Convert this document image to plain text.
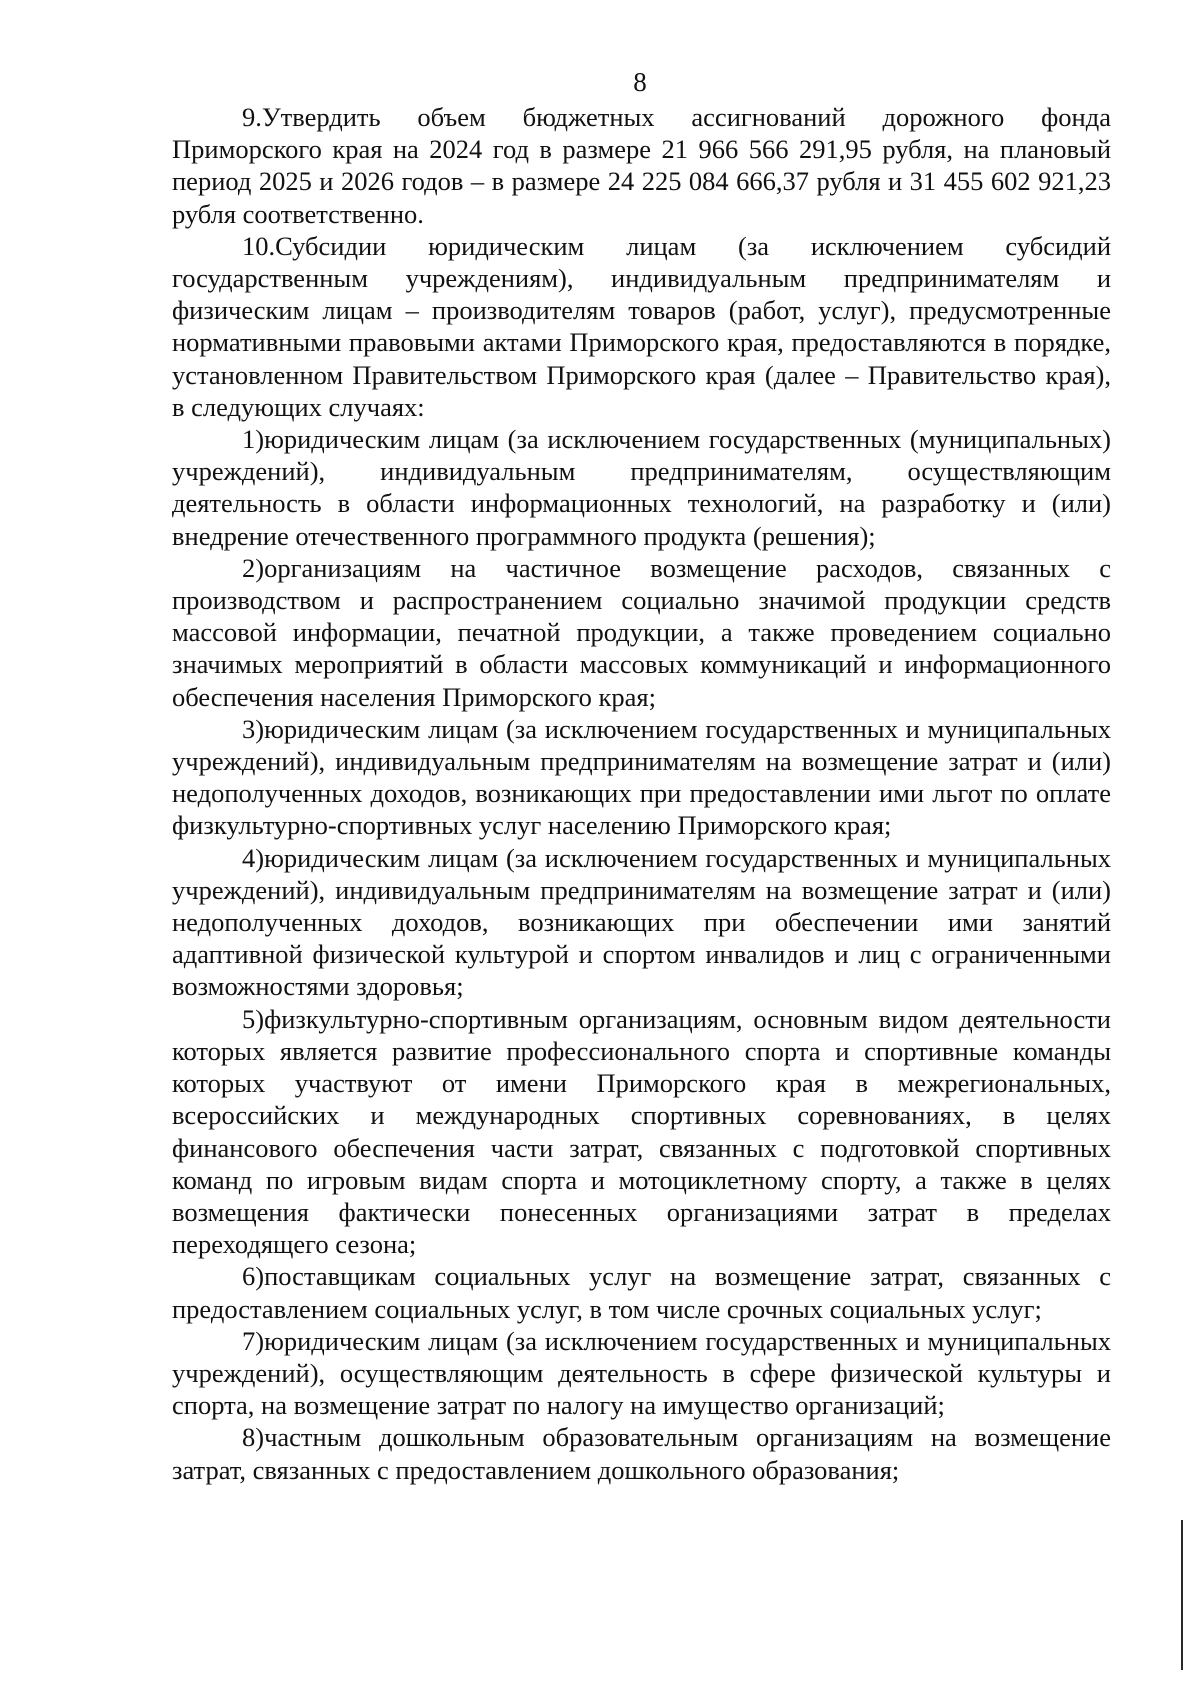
8

9.Утвердить объем бюджетных ассигнований дорожного фонда Приморского края на 2024 год в размере 21 966 566 291,95 рубля, на плановый период 2025 и 2026 годов – в размере 24 225 084 666,37 рубля и 31 455 602 921,23 рубля соответственно.

10.Субсидии юридическим лицам (за исключением субсидий государственным учреждениям), индивидуальным предпринимателям и физическим лицам – производителям товаров (работ, услуг), предусмотренные нормативными правовыми актами Приморского края, предоставляются в порядке, установленном Правительством Приморского края (далее – Правительство края), в следующих случаях:

1)юридическим лицам (за исключением государственных (муниципальных) учреждений), индивидуальным предпринимателям, осуществляющим деятельность в области информационных технологий, на разработку и (или) внедрение отечественного программного продукта (решения);

2)организациям на частичное возмещение расходов, связанных с производством и распространением социально значимой продукции средств массовой информации, печатной продукции, а также проведением социально значимых мероприятий в области массовых коммуникаций и информационного обеспечения населения Приморского края;

3)юридическим лицам (за исключением государственных и муниципальных учреждений), индивидуальным предпринимателям на возмещение затрат и (или) недополученных доходов, возникающих при предоставлении ими льгот по оплате физкультурно-спортивных услуг населению Приморского края;

4)юридическим лицам (за исключением государственных и муниципальных учреждений), индивидуальным предпринимателям на возмещение затрат и (или) недополученных доходов, возникающих при обеспечении ими занятий адаптивной физической культурой и спортом инвалидов и лиц с ограниченными возможностями здоровья;

5)физкультурно-спортивным организациям, основным видом деятельности которых является развитие профессионального спорта и спортивные команды которых участвуют от имени Приморского края в межрегиональных, всероссийских и международных спортивных соревнованиях, в целях финансового обеспечения части затрат, связанных с подготовкой спортивных команд по игровым видам спорта и мотоциклетному спорту, а также в целях возмещения фактически понесенных организациями затрат в пределах переходящего сезона;

6)поставщикам социальных услуг на возмещение затрат, связанных с предоставлением социальных услуг, в том числе срочных социальных услуг;

7)юридическим лицам (за исключением государственных и муниципальных учреждений), осуществляющим деятельность в сфере физической культуры и спорта, на возмещение затрат по налогу на имущество организаций;

8)частным дошкольным образовательным организациям на возмещение затрат, связанных с предоставлением дошкольного образования;
